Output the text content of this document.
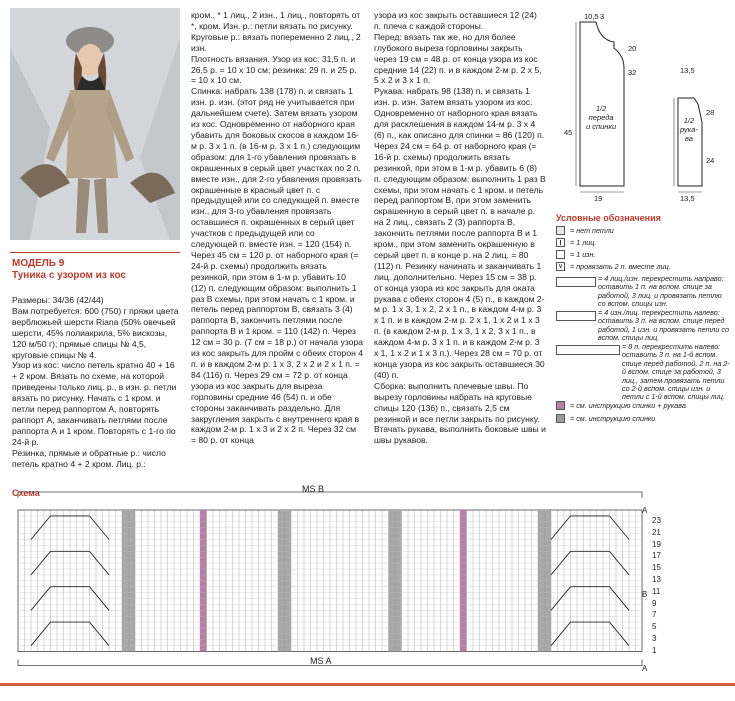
МОДЕЛЬ 9
Туника с узором из кос
Размеры: 34/36 (42/44)
Вам потребуется: 600 (750) г пряжи цвета верблюжьей шерсти Riana (50% овечьей шерсти, 45% полиакрила, 5% вискозы, 120 м/50 г); прямые спицы № 4,5, круговые спицы № 4.
Узор из кос: число петель кратно 40 + 16 + 2 кром. Вязать по схеме, на которой приведены только лиц. р., в изн. р. петли вязать по рисунку. Начать с 1 кром. и петли перед раппортом А, повторять раппорт А, заканчивать петлями после раппорта А и 1 кром. Повторять с 1-го по 24-й р.
Резинка, прямые и обратные р.: число петель кратно 4 + 2 кром. Лиц. р.:
кром., * 1 лиц., 2 изн., 1 лиц., повторять от *, кром. Изн. р.: петли вязать по рисунку. Круговые р.: вязать попеременно 2 лиц., 2 изн.
Плотность вязания. Узор из кос: 31,5 п. и 26,5 р. = 10 х 10 см; резинка: 29 п. и 25 р. = 10 х 10 см.
Спинка: набрать 138 (178) п. и связать 1 изн. р. изн. (этот ряд не учитывается при дальнейшем счете). Затем вязать узором из кос. Одновременно от наборного края убавить для боковых скосов в каждом 16-м р. 3 х 1 п. (в 16-м р. 3 х 1 п.) следующим образом: для 1-го убавления провязать в окрашенных в серый цвет участках по 2 п. вместе изн., для 2-го убавления провязать окрашенные в красный цвет п. с предыдущей или со следующей п. вместе изн., для 3-го убавления провязать оставшиеся п. окрашенных в серый цвет участков с предыдущей или со следующей п. вместе изн. = 120 (154) п. Через 45 см = 120 р. от наборного края (= 24-й р. схемы) продолжить вязать резинкой, при этом в 1-м р. убавить 10 (12) п. следующим образом: выполнить 1 раз В схемы, при этом начать с 1 кром. и петель перед раппортом В, связать 3 (4) раппорта В, закончить петлями после раппорта В и 1 кром. = 110 (142) п. Через 12 см = 30 р. (7 см = 18 р.) от начала узора из кос закрыть для пройм с обеих сторон 4 п. и в каждом 2-м р. 1 х 3, 2 х 2 и 2 х 1 п. = 84 (116) п. Через 29 см = 72 р. от конца узора из кос закрыть для выреза горловины средние 46 (54) п. и обе стороны заканчивать раздельно. Для закругления закрыть с внутреннего края в каждом 2-м р. 1 х 3 и 2 х 2 п. Через 32 см = 80 р. от конца
узора из кос закрыть оставшиеся 12 (24) п. плеча с каждой стороны.
Перед: вязать так же, но для более глубокого выреза горловины закрыть через 19 см = 48 р. от конца узора из кос средние 14 (22) п. и в каждом 2-м р. 2 х 5, 5 х 2 и 3 х 1 п.
Рукава: набрать 98 (138) п. и связать 1 изн. р. изн. Затем вязать узором из кос. Одновременно от наборного края вязать для расклешения в каждом 14-м р. 3 х 4 (6) п., как описано для спинки = 86 (120) п. Через 24 см = 64 р. от наборного края (= 16-й р. схемы) продолжить вязать резинкой, при этом в 1-м р. убавить 6 (8) п. следующим образом: выполнить 1 раз В схемы, при этом начать с 1 кром. и петель перед раппортом В, при этом заменить окрашенную в серый цвет п. в начале р. на 2 лиц., связать 2 (3) раппорта В, закончить петлями после раппорта В и 1 кром., при этом заменить окрашенную в серый цвет п. в конце р. на 2 лиц. = 80 (112) п. Резинку начинать и заканчивать 1 лиц. дополнительно. Через 15 см = 38 р. от конца узора из кос закрыть для оката рукава с обеих сторон 4 (5) п., в каждом 2-м р. 1 х 3, 1 х 2, 2 х 1 п., в каждом 4-м р. 3 х 1 п. и в каждом 2-м р. 2 х 1, 1 х 2 и 1 х 3 п. (в каждом 2-м р. 1 х 3, 1 х 2, 3 х 1 п., в каждом 4-м р. 3 х 1 п. и в каждом 2-м р. 3 х 1, 1 х 2 и 1 х 3 п.). Через 28 см = 70 р. от конца узора из кос закрыть оставшиеся 30 (40) п.
Сборка: выполнить плечевые швы. По вырезу горловины набрать на круговые спицы 120 (136) п., связать 2,5 см резинкой и все петли закрыть по рисунку. Втачать рукава, выполнить боковые швы и швы рукавов.
10,5 3
20
32
45
19
1/2
переда
и спинки
13,5
28
24
13,5
1/2
рука-
ва
Условные обозначения
= нет петли
= 1 лиц.
= 1 изн.
∨ = провязать 2 п. вместе лиц.
= 4 лиц./изн. перекрестить направо: оставить 1 п. на вспом. спице за работой, 3 лиц. и провязать петлю со вспом. спицы изн.
= 4 изн./лиц. перекрестить налево: оставить 3 п. на вспом. спице перед работой, 1 изн. и провязать петли со вспом. спицы лиц.
= 8 п. перекрестить налево: оставить 3 п. на 1-й вспом. спице перед работой, 2 п. на 2-й вспом. спице за работой, 3 лиц., затем провязать петли со 2-й вспом. спицы изн. и петли с 1-й вспом. спицы лиц.
= см. инструкцию спинки + рукава
= см. инструкцию спинки
Схема	MS B
MS A
23
21
19
17
15
13
11
9
7
5
3
1
A
B
A
